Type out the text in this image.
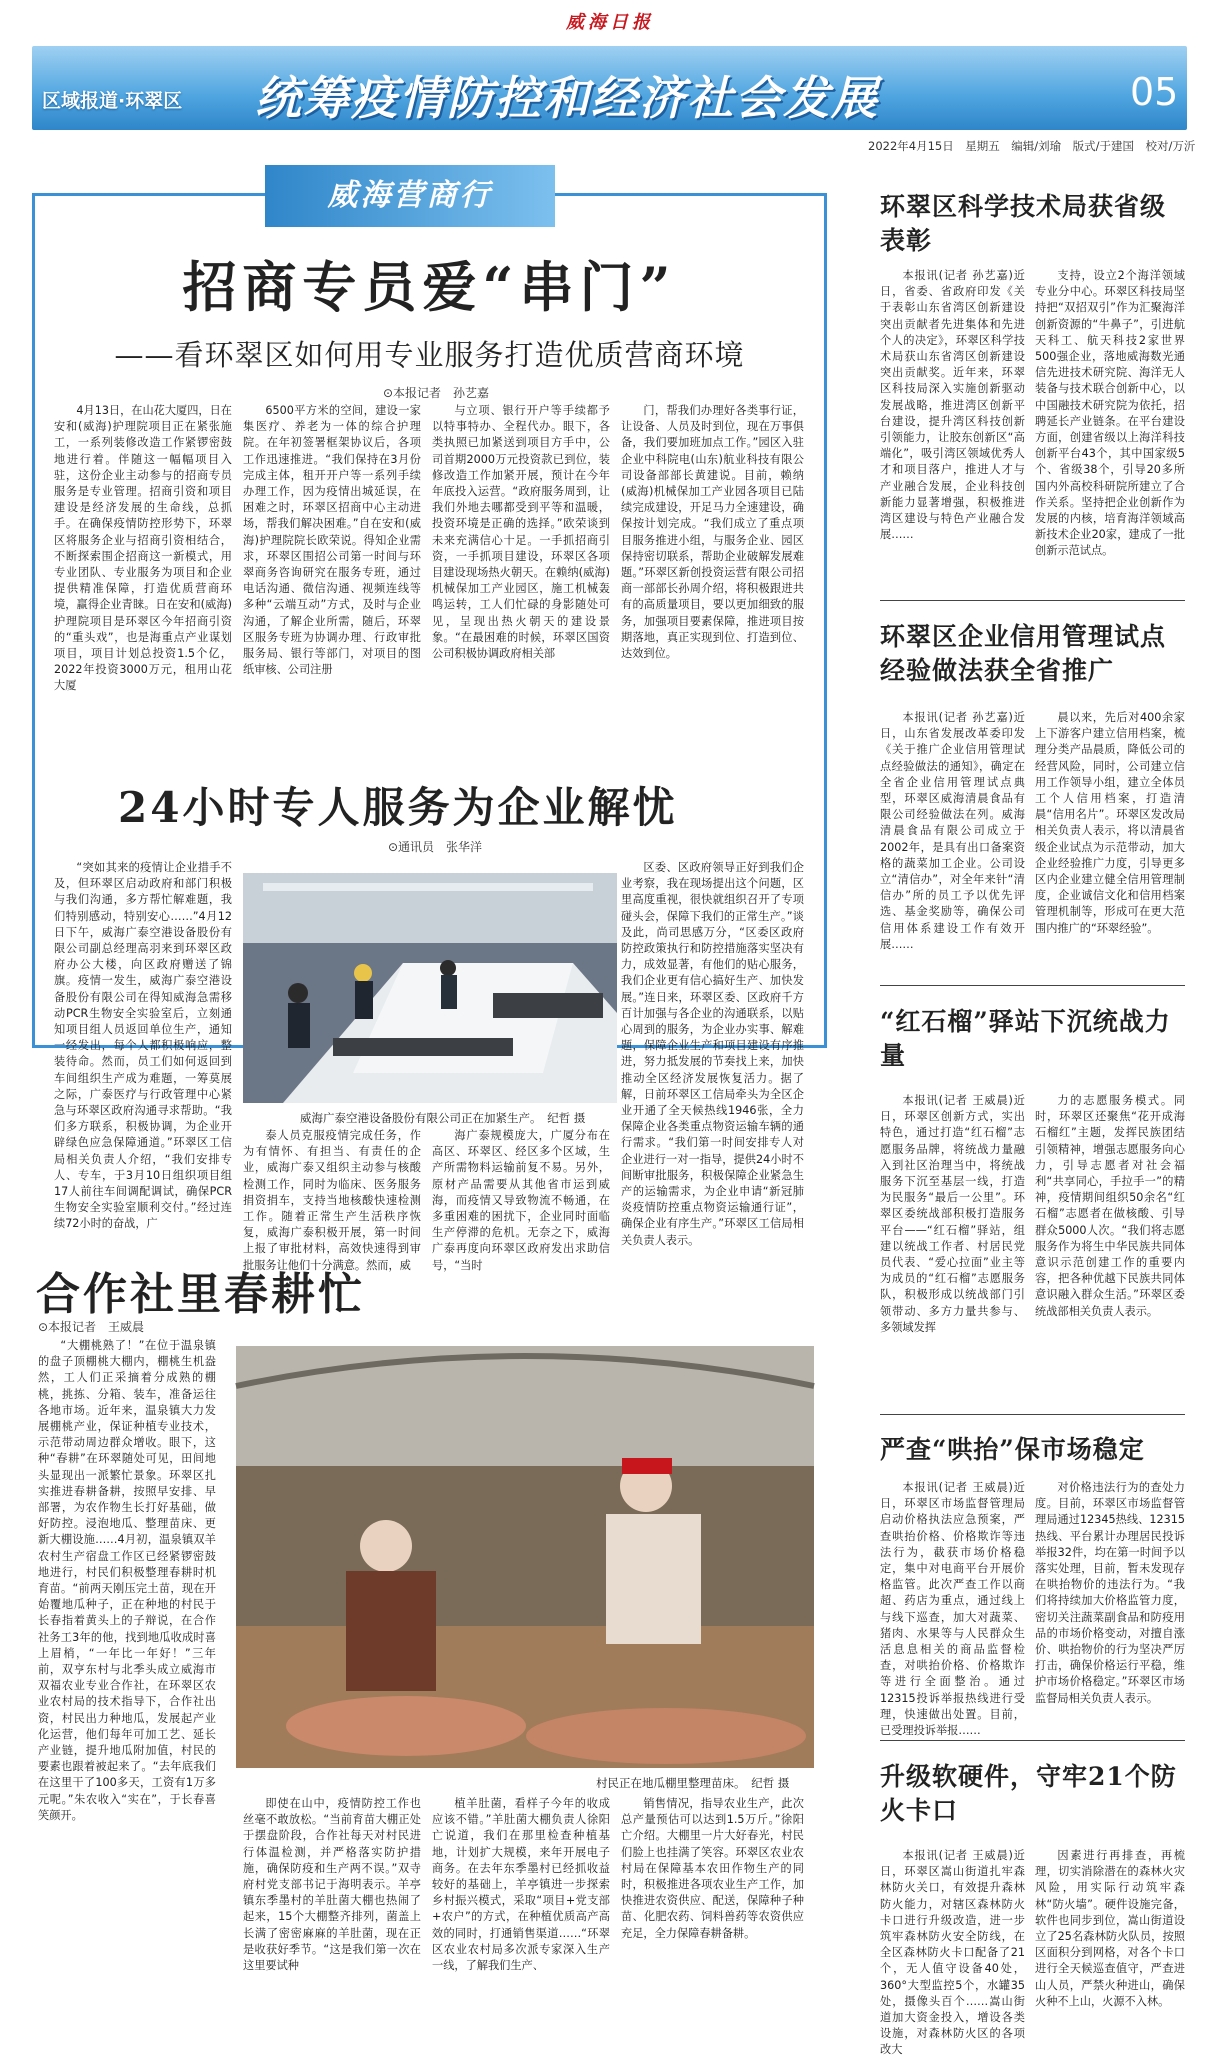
威海日报
区域报道·环翠区 统筹疫情防控和经济社会发展	05
2022年4月15日　星期五　编辑/刘瑜　版式/于建国　校对/万沂
威海营商行
招商专员爱“串门”
——看环翠区如何用专业服务打造优质营商环境
⊙本报记者　孙艺嘉
4月13日，在山花大厦四，日在安和(威海)护理院项目正在紧张施工，一系列装修改造工作紧锣密鼓地进行着。伴随这一幅幅项目入驻，这份企业主动参与的招商专员服务是专业管理。招商引资和项目建设是经济发展的生命线，总抓手。在确保疫情防控形势下，环翠区将服务企业与招商引资相结合，不断探索围企招商这一新模式，用专业团队、专业服务为项目和企业提供精准保障，打造优质营商环境，赢得企业青睐。日在安和(威海)护理院项目是环翠区今年招商引资的“重头戏”，也是海重点产业谋划项目，项目计划总投资1.5个亿，2022年投资3000万元，租用山花大厦
6500平方米的空间，建设一家集医疗、养老为一体的综合护理院。在年初签署框架协议后，各项工作迅速推进。“我们保持在3月份完成主体，租开开户等一系列手续办理工作，因为疫情出城延误，在困难之时，环翠区招商中心主动进场，帮我们解决困难。”自在安和(威海)护理院院长欧荣说。得知企业需求，环翠区围招公司第一时间与环翠商务咨询研究在服务专班，通过电话沟通、微信沟通、视频连线等多种“云端互动”方式，及时与企业沟通，了解企业所需，随后，环翠区服务专班为协调办理、行政审批服务局、银行等部门，对项目的图纸审核、公司注册
与立项、银行开户等手续都予以特事特办、全程代办。眼下，各类执照已加紧送到项目方手中，公司首期2000万元投资款已到位，装修改造工作加紧开展，预计在今年年底投入运营。“政府服务周到，让我们外地去哪都受到平等和温暖，投资环境是正确的选择。”欧荣谈到未来充满信心十足。一手抓招商引资，一手抓项目建设，环翠区各项目建设现场热火朝天。在赖纳(威海)机械保加工产业园区，施工机械轰鸣运转，工人们忙碌的身影随处可见，呈现出热火朝天的建设景象。“在最困难的时候，环翠区国资公司积极协调政府相关部
门，帮我们办理好各类事行证，让设备、人员及时到位，现在万事俱备，我们要加班加点工作。”园区入驻企业中科院电(山东)航业科技有限公司设备部部长黄建说。目前，赖纳(威海)机械保加工产业园各项目已陆续完成建设，开足马力全速建设，确保按计划完成。“我们成立了重点项目服务推进小组，与服务企业、园区保持密切联系，帮助企业破解发展难题。”环翠区新创投资运营有限公司招商一部部长孙周介绍，将积极跟进共有的高质量项目，要以更加细致的服务，加强项目要素保障，推进项目按期落地，真正实现到位、打造到位、达效到位。
24小时专人服务为企业解忧
⊙通讯员　张华洋
“突如其来的疫情让企业措手不及，但环翠区启动政府和部门积极与我们沟通，多方帮忙解难题，我们特别感动，特别安心……”4月12日下午，威海广泰空港设备股份有限公司副总经理高羽来到环翠区政府办公大楼，向区政府赠送了锦旗。疫情一发生，威海广泰空港设备股份有限公司在得知威海急需移动PCR生物安全实验室后，立刻通知项目组人员返回单位生产，通知一经发出，每个人都积极响应，整装待命。然而，员工们如何返回到车间组织生产成为难题，一筹莫展之际，广泰医疗与行政管理中心紧急与环翠区政府沟通寻求帮助。“我们多方联系，积极协调，为企业开辟绿色应急保障通道。”环翠区工信局相关负责人介绍，“我们安排专人、专车，于3月10日组织项目组17人前往车间调配调试，确保PCR生物安全实验室顺利交付。”经过连续72小时的奋战，广
威海广泰空港设备股份有限公司正在加紧生产。　纪哲 摄
泰人员克服疫情完成任务，作为有情怀、有担当、有责任的企业，威海广泰又组织主动参与核酸检测工作，同时为临床、医务服务捐资捐车，支持当地核酸快速检测工作。随着正常生产生活秩序恢复，威海广泰积极开展，第一时间上报了审批材料，高效快速得到审批服务让他们十分满意。然而，威
海广泰规模庞大，广厦分布在高区、环翠区、经区多个区域，生产所需物料运输前复不易。另外，原材产品需要从其他省市运到威海，而疫情又导致物流不畅通，在多重困难的困扰下，企业同时面临生产停滞的危机。无奈之下，威海广泰再度向环翠区政府发出求助信号，“当时
区委、区政府领导正好到我们企业考察，我在现场提出这个问题，区里高度重视，很快就组织召开了专项碰头会，保障下我们的正常生产。”谈及此，尚司思感万分，“区委区政府防控政策执行和防控措施落实坚决有力，成效显著，有他们的贴心服务，我们企业更有信心搞好生产、加快发展。”连日来，环翠区委、区政府千方百计加强与各企业的沟通联系，以贴心周到的服务，为企业办实事、解难题，保障企业生产和项目建设有序推进，努力抵发展的节奏找上来，加快推动全区经济发展恢复活力。据了解，日前环翠区工信局牵头为全区企业开通了全天候热线1946张，全力保障企业各类重点物资运输车辆的通行需求。“我们第一时间安排专人对企业进行一对一指导，提供24小时不间断审批服务，积极保障企业紧急生产的运输需求，为企业申请“新冠肺炎疫情防控重点物资运输通行证”，确保企业有序生产。”环翠区工信局相关负责人表示。
合作社里春耕忙
⊙本报记者　王威晨
“大棚桃熟了！”在位于温泉镇的盘子顶棚桃大棚内，棚桃生机盎然，工人们正采摘着分成熟的棚桃，挑拣、分箱、装车，准备运往各地市场。近年来，温泉镇大力发展棚桃产业，保证种植专业技术，示范带动周边群众增收。眼下，这种“春耕”在环翠随处可见，田间地头显现出一派繁忙景象。环翠区扎实推进春耕备耕，按照早安排、早部署，为农作物生长打好基础，做好防控。浸泡地瓜、整理苗床、更新大棚设施……4月初，温泉镇双羊农村生产宿盘工作区已经紧锣密鼓地进行，村民们积极整理春耕时机育苗。“前两天刚压完土苗，现在开始覆地瓜种子，正在种地的村民于长春指着黄头上的子辩说，在合作社务工3年的他，找到地瓜收成时喜上眉梢，“一年比一年好！”三年前，双亨东村与北季头成立威海市双福农业专业合作社，在环翠区农业农村局的技术指导下，合作社出资，村民出力种地瓜，发展起产业化运营，他们每年可加工艺、延长产业链，提升地瓜附加值，村民的要素也跟着被起来了。“去年底我们在这里干了100多天，工资有1万多元呢。”朱农收入“实在”，于长春喜笑颜开。
村民正在地瓜棚里整理苗床。　纪哲 摄
即使在山中，疫情防控工作也丝毫不敢放松。“当前育苗大棚正处于摆盘阶段，合作社每天对村民进行体温检测，并严格落实防护措施，确保防疫和生产两不误。”双寺府村党支部书记于海明表示。羊亭镇东季墨村的羊肚菌大棚也热闹了起来，15个大棚整齐排列，菌盖上长满了密密麻麻的羊肚菌，现在正是收获好季节。“这是我们第一次在这里要试种
植羊肚菌，看样子今年的收成应该不错。”羊肚菌大棚负责人徐阳亡说道，我们在那里检查种植基地，计划扩大规模，来年开展电子商务。在去年东季墨村已经抓收益较好的基础上，羊亭镇进一步探索乡村振兴模式，采取“项目+党支部+农户”的方式，在种植优质高产高效的同时，打通销售渠道……“环翠区农业农村局多次派专家深入生产一线，了解我们生产、
销售情况，指导农业生产，此次总产量预估可以达到1.5万斤。”徐阳亡介绍。大棚里一片大好春光，村民们脸上也挂满了笑容。环翠区农业农村局在保障基本农田作物生产的同时，积极推进各项农业生产工作，加快推进农资供应、配送，保障种子种苗、化肥农药、饲料兽药等农资供应充足，全力保障春耕备耕。
环翠区科学技术局获省级表彰
本报讯(记者 孙艺嘉)近日，省委、省政府印发《关于表彰山东省湾区创新建设突出贡献者先进集体和先进个人的决定》，环翠区科学技术局获山东省湾区创新建设突出贡献奖。近年来，环翠区科技局深入实施创新驱动发展战略，推进湾区创新平台建设，提升湾区科技创新引领能力，让胶东创新区“高端化”，吸引湾区领域优秀人才和项目落户，推进人才与产业融合发展，企业科技创新能力显著增强，积极推进湾区建设与特色产业融合发展……
支持，设立2个海洋领域专业分中心。环翠区科技局坚持把“双招双引”作为汇聚海洋创新资源的“牛鼻子”，引进航天科工、航天科技2家世界500强企业，落地威海数光通信先进技术研究院、海洋无人装备与技术联合创新中心，以中国融技术研究院为依托，招聘延长产业链条。在平台建设方面，创建省级以上海洋科技创新平台43个，其中国家级5个、省级38个，引导20多所国内外高校科研院所建立了合作关系。坚持把企业创新作为发展的内核，培育海洋领域高新技术企业20家，建成了一批创新示范试点。
环翠区企业信用管理试点经验做法获全省推广
本报讯(记者 孙艺嘉)近日，山东省发展改革委印发《关于推广企业信用管理试点经验做法的通知》，确定在全省企业信用管理试点典型，环翠区威海清晨食品有限公司经验做法在列。威海清晨食品有限公司成立于2002年，是具有出口备案资格的蔬菜加工企业。公司设立“清信办”，对全年来针“清信办”所的员工予以优先评选、基金奖励等，确保公司信用体系建设工作有效开展……
晨以来，先后对400余家上下游客户建立信用档案，梳理分类产品晨质，降低公司的经营风险，同时，公司建立信用工作领导小组，建立全体员工个人信用档案，打造清晨“信用名片”。环翠区发改局相关负责人表示，将以清晨省级企业试点为示范带动，加大企业经验推广力度，引导更多区内企业建立健全信用管理制度，企业诚信文化和信用档案管理机制等，形成可在更大范围内推广的“环翠经验”。
“红石榴”驿站下沉统战力量
本报讯(记者 王威晨)近日，环翠区创新方式，实出特色，通过打造“红石榴”志愿服务品牌，将统战力量融入到社区治理当中，将统战服务下沉至基层一线，打造为民服务“最后一公里”。环翠区委统战部积极打造服务平台——“红石榴”驿站，组建以统战工作者、村居民党员代表、“爱心拉面”业主等为成员的“红石榴”志愿服务队，积极形成以统战部门引领带动、多方力量共参与、多领域发挥
力的志愿服务模式。同时，环翠区还聚焦“花开成海石榴红”主题，发挥民族团结引领精神，增强志愿服务向心力，引导志愿者对社会福利“共享同心，手拉手一”的精神，疫情期间组织50余名“红石榴”志愿者在做核酸、引导群众5000人次。“我们将志愿服务作为将生中华民族共同体意识示范创建工作的重要内容，把各种优越下民族共同体意识融入群众生活。”环翠区委统战部相关负责人表示。
严查“哄抬”保市场稳定
本报讯(记者 王威晨)近日，环翠区市场监督管理局启动价格执法应急预案，严查哄抬价格、价格欺诈等违法行为，截获市场价格稳定，集中对电商平台开展价格监管。此次严查工作以商超、药店为重点，通过线上与线下巡查，加大对蔬菜、猪肉、水果等与人民群众生活息息相关的商品监督检查，对哄抬价格、价格欺诈等进行全面整治。通过12315投诉举报热线进行受理，快速做出处置。目前，已受理投诉举报……
对价格违法行为的查处力度。目前，环翠区市场监督管理局通过12345热线、12315热线、平台累计办理居民投诉举报32件，均在第一时间予以落实处理，目前，暂未发现存在哄抬物价的违法行为。“我们将持续加大价格监管力度，密切关注蔬菜副食品和防疫用品的市场价格变动，对擅自涨价、哄抬物价的行为坚决严厉打击，确保价格运行平稳，维护市场价格稳定。”环翠区市场监督局相关负责人表示。
升级软硬件，守牢21个防火卡口
本报讯(记者 王威晨)近日，环翠区嵩山街道扎牢森林防火关口，有效提升森林防火能力，对辖区森林防火卡口进行升级改造，进一步筑牢森林防火安全防线，在全区森林防火卡口配备了21个，无人值守设备40处，360°大型监控5个，水罐35处，摄像头百个……嵩山街道加大资金投入，增设各类设施，对森林防火区的各项改大
因素进行再排查，再梳理，切实消除潜在的森林火灾风险，用实际行动筑牢森林“防火墙”。硬件设施完备，软件也同步到位，嵩山街道设立了25名森林防火队员，按照区面积分到网格，对各个卡口进行全天候巡查值守，严查进山人员，严禁火种进山，确保火种不上山，火源不入林。
